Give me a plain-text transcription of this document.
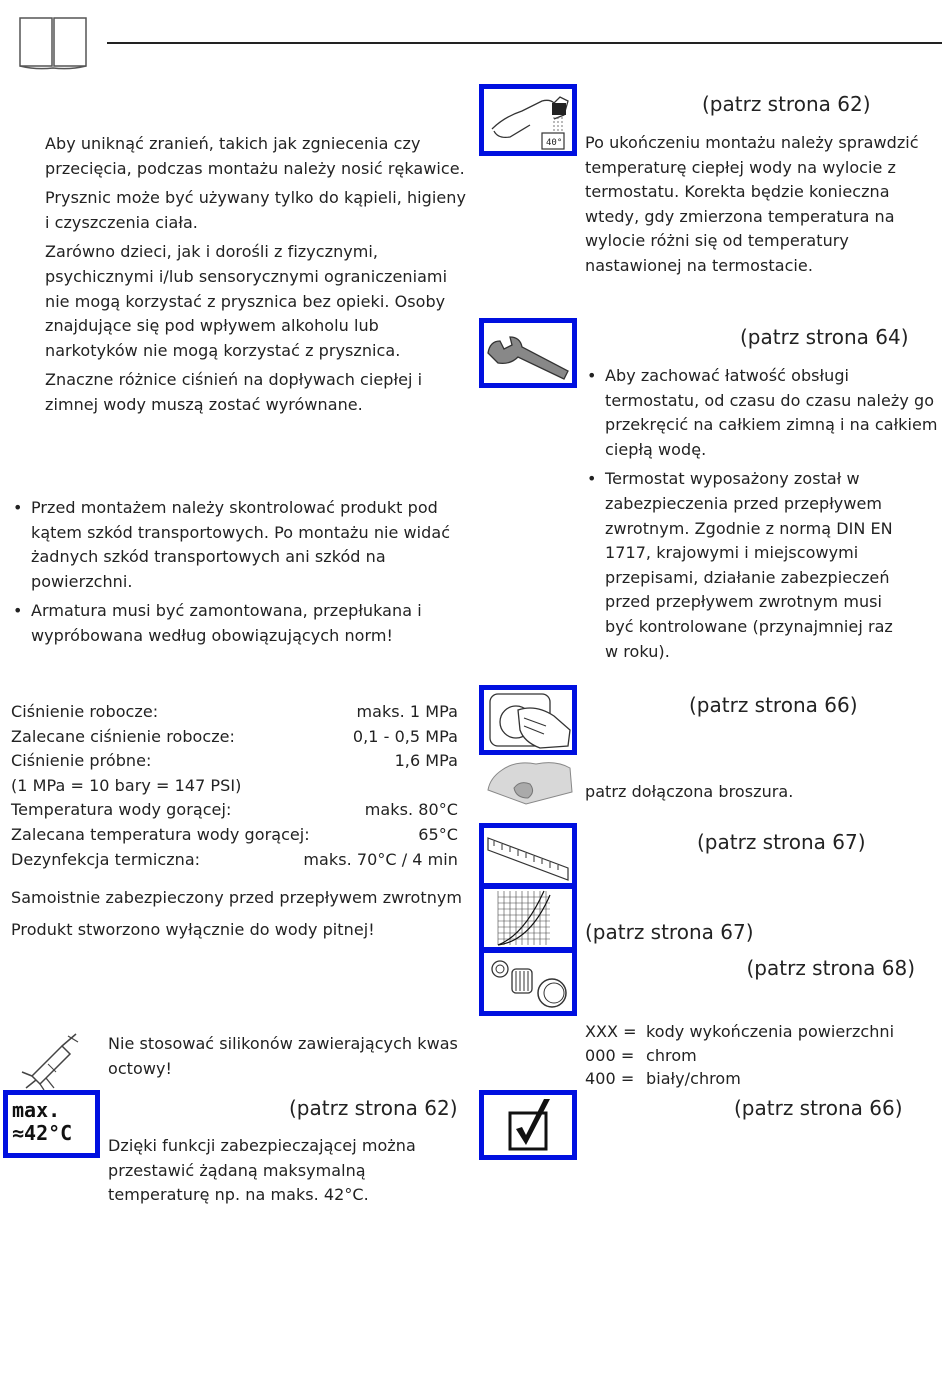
Aby uniknąć zranień, takich jak zgniecenia czy przecięcia, podczas montażu należy nosić rękawice.

Prysznic może być używany tylko do kąpieli, higieny i czyszczenia ciała.

Zarówno dzieci, jak i dorośli z fizycznymi, psychicznymi i/lub sensorycznymi ograniczeniami nie mogą korzystać z prysznica bez opieki. Osoby znajdujące się pod wpływem alkoholu lub narkotyków nie mogą korzystać z prysznica.

Znaczne różnice ciśnień na dopływach ciepłej i zimnej wody muszą zostać wyrównane.

• Przed montażem należy skontrolować produkt pod kątem szkód transportowych. Po montażu nie widać żadnych szkód transportowych ani szkód na powierzchni.
• Armatura musi być zamontowana, przepłukana i wypróbowana według obowiązujących norm!
Ciśnienie robocze:	maks. 1 MPa
Zalecane ciśnienie robocze:	0,1 - 0,5 MPa
Ciśnienie próbne:	1,6 MPa
(1 MPa = 10 bary = 147 PSI)
Temperatura wody gorącej:	maks. 80°C
Zalecana temperatura wody gorącej:	65°C
Dezynfekcja termiczna:	maks. 70°C / 4 min
Samoistnie zabezpieczony przed przepływem zwrotnym
Produkt stworzono wyłącznie do wody pitnej!
Nie stosować silikonów zawierających kwas octowy!
max.
≈42°C
(patrz strona 62)
Dzięki funkcji zabezpieczającej można przestawić żądaną maksymalną temperaturę np. na maks. 42°C.
40°
(patrz strona 62)
Po ukończeniu montażu należy sprawdzić temperaturę ciepłej wody na wylocie z termostatu. Korekta będzie konieczna wtedy, gdy zmierzona temperatura na wylocie różni się od temperatury nastawionej na termostacie.
(patrz strona 64)
• Aby zachować łatwość obsługi termostatu, od czasu do czasu należy go przekręcić na całkiem zimną i na całkiem ciepłą wodę.
• Termostat wyposażony został w zabezpieczenia przed przepływem zwrotnym. Zgodnie z normą DIN EN 1717, krajowymi i miejscowymi przepisami, działanie zabezpieczeń przed przepływem zwrotnym musi być kontrolowane (przynajmniej raz w roku).
(patrz strona 66)
patrz dołączona broszura.
(patrz strona 67)
(patrz strona 67)
(patrz strona 68)
XXX = kody wykończenia powierzchni
000 = chrom
400 = biały/chrom
(patrz strona 66)
